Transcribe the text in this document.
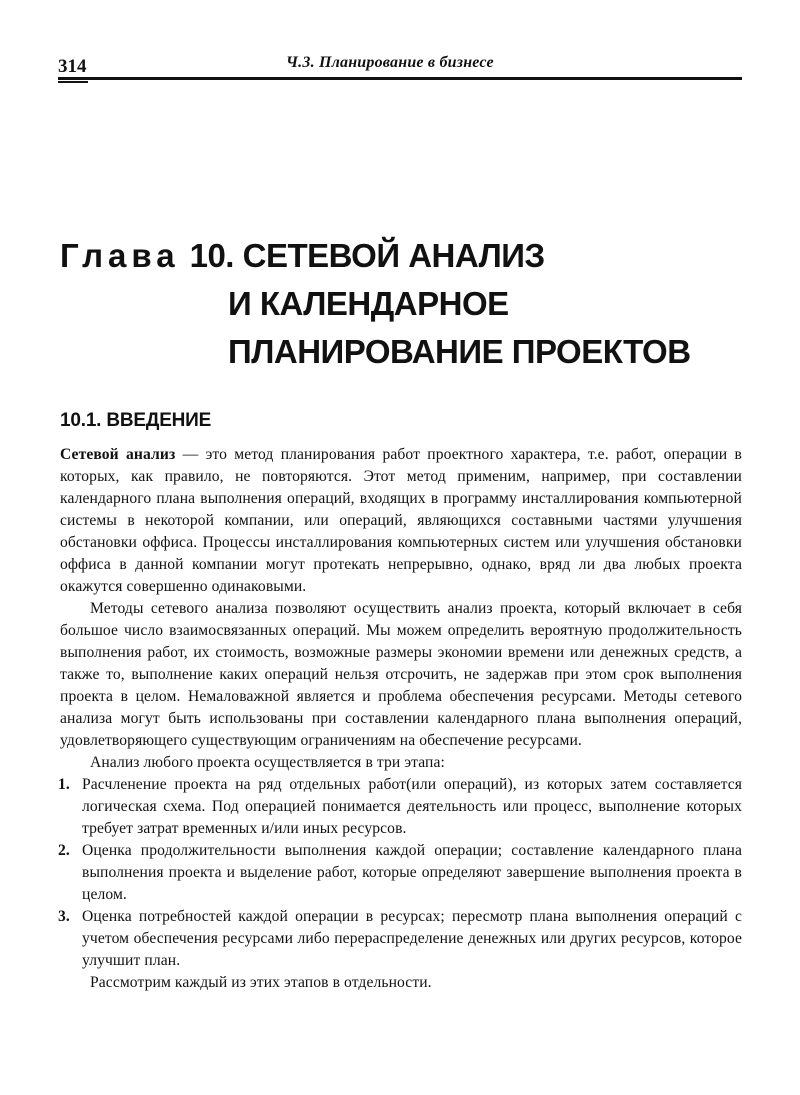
314	Ч.3. Планирование в бизнесе
Глава 10. СЕТЕВОЙ АНАЛИЗ
И КАЛЕНДАРНОЕ
ПЛАНИРОВАНИЕ ПРОЕКТОВ
10.1. ВВЕДЕНИЕ

Сетевой анализ — это метод планирования работ проектного характера, т.е. работ, операции в которых, как правило, не повторяются. Этот метод применим, например, при составлении календарного плана выполнения операций, входящих в программу инсталлирования компьютерной системы в некоторой компании, или операций, являющихся составными частями улучшения обстановки оффиса. Процессы инсталлирования компьютерных систем или улучшения обстановки оффиса в данной компании могут протекать непрерывно, однако, вряд ли два любых проекта окажутся совершенно одинаковыми.

Методы сетевого анализа позволяют осуществить анализ проекта, который включает в себя большое число взаимосвязанных операций. Мы можем определить вероятную продолжительность выполнения работ, их стоимость, возможные размеры экономии времени или денежных средств, а также то, выполнение каких операций нельзя отсрочить, не задержав при этом срок выполнения проекта в целом. Немаловажной является и проблема обеспечения ресурсами. Методы сетевого анализа могут быть использованы при составлении календарного плана выполнения операций, удовлетворяющего существующим ограничениям на обеспечение ресурсами.

Анализ любого проекта осуществляется в три этапа:

1. Расчленение проекта на ряд отдельных работ(или операций), из которых затем составляется логическая схема. Под операцией понимается деятельность или процесс, выполнение которых требует затрат временных и/или иных ресурсов.
2. Оценка продолжительности выполнения каждой операции; составление календарного плана выполнения проекта и выделение работ, которые определяют завершение выполнения проекта в целом.
3. Оценка потребностей каждой операции в ресурсах; пересмотр плана выполнения операций с учетом обеспечения ресурсами либо перераспределение денежных или других ресурсов, которое улучшит план.

Рассмотрим каждый из этих этапов в отдельности.
